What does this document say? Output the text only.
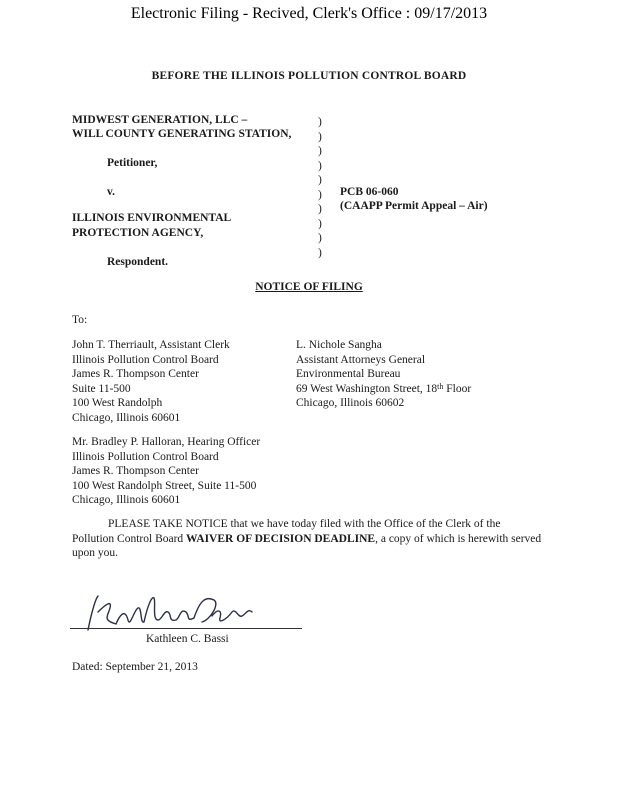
Electronic Filing - Recived, Clerk's Office : 09/17/2013
BEFORE THE ILLINOIS POLLUTION CONTROL BOARD
MIDWEST GENERATION, LLC –
WILL COUNTY GENERATING STATION,
Petitioner,
v.
ILLINOIS ENVIRONMENTAL
PROTECTION AGENCY,
Respondent.
)
)
)
)
)
)
)
)
)
)
PCB 06-060
(CAAPP Permit Appeal – Air)
NOTICE OF FILING
To:
John T. Therriault, Assistant Clerk
Illinois Pollution Control Board
James R. Thompson Center
Suite 11-500
100 West Randolph
Chicago, Illinois 60601
L. Nichole Sangha
Assistant Attorneys General
Environmental Bureau
69 West Washington Street, 18th Floor
Chicago, Illinois 60602
Mr. Bradley P. Halloran, Hearing Officer
Illinois Pollution Control Board
James R. Thompson Center
100 West Randolph Street, Suite 11-500
Chicago, Illinois 60601
PLEASE TAKE NOTICE that we have today filed with the Office of the Clerk of the Pollution Control Board WAIVER OF DECISION DEADLINE, a copy of which is herewith served upon you.
Kathleen C. Bassi
Dated: September 21, 2013
